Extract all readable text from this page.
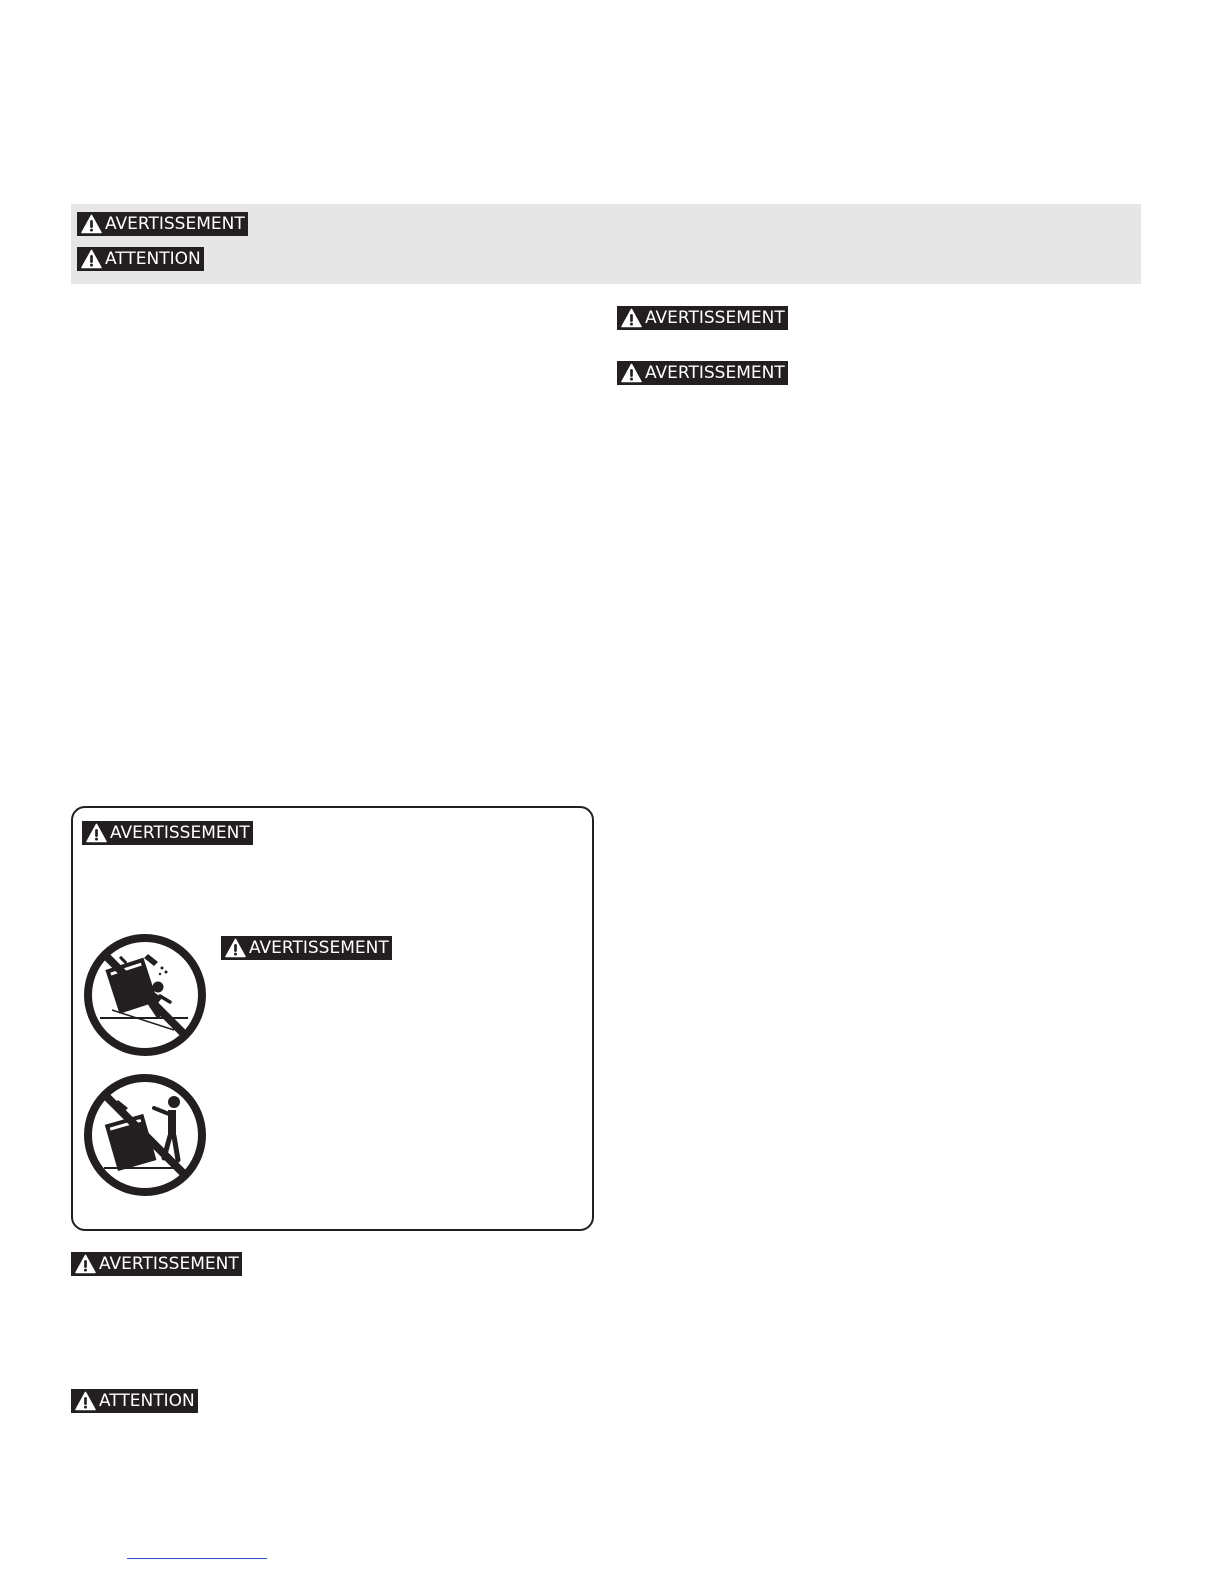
AVERTISSEMENT
ATTENTION
AVERTISSEMENT
AVERTISSEMENT
AVERTISSEMENT
AVERTISSEMENT
AVERTISSEMENT
ATTENTION
